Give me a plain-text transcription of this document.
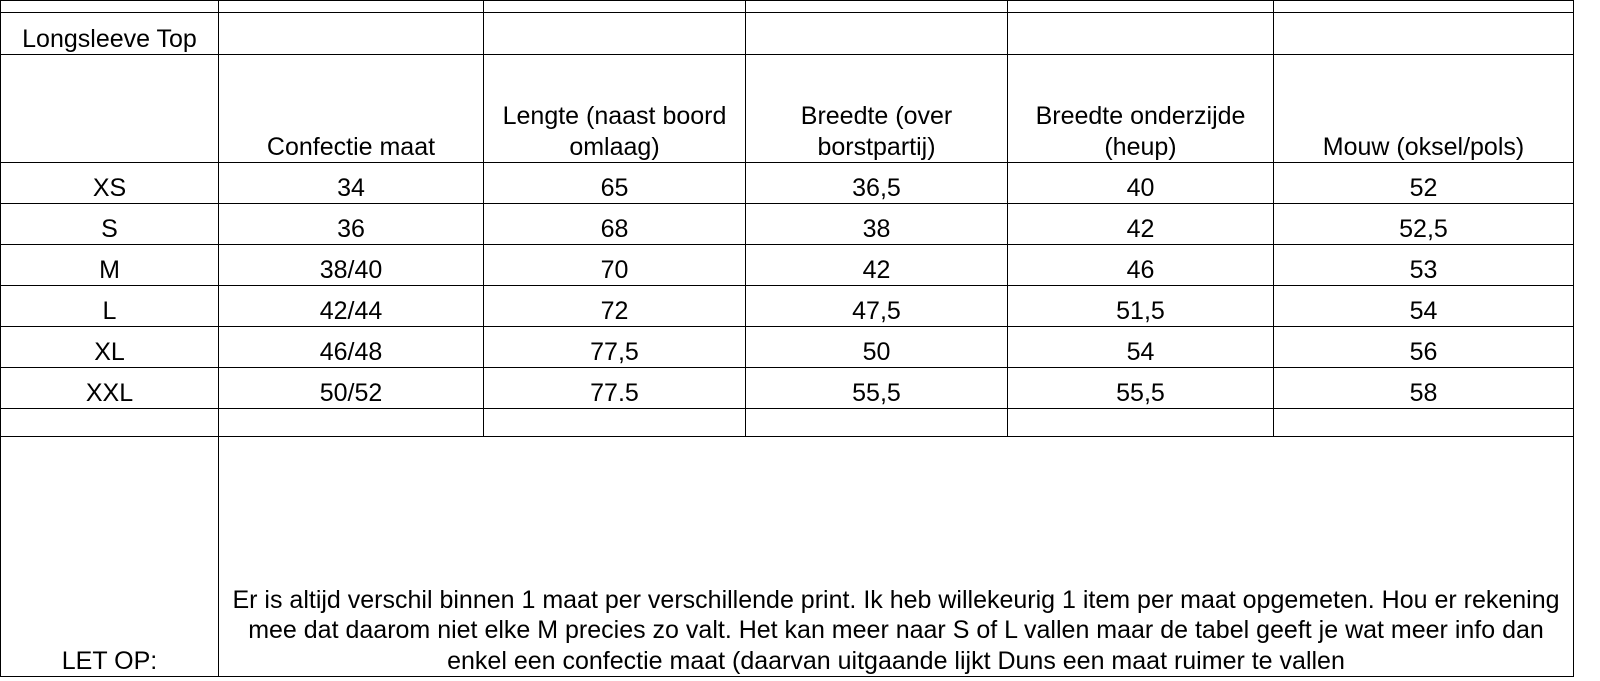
Longsleeve Top					
	Confectie maat	Lengte (naast boord omlaag)	Breedte (over borstpartij)	Breedte onderzijde (heup)	Mouw (oksel/pols)
XS	34	65	36,5	40	52
S	36	68	38	42	52,5
M	38/40	70	42	46	53
L	42/44	72	47,5	51,5	54
XL	46/48	77,5	50	54	56
XXL	50/52	77.5	55,5	55,5	58

LET OP:	Er is altijd verschil binnen 1 maat per verschillende print. Ik heb willekeurig 1 item per maat opgemeten. Hou er rekening mee dat daarom niet elke M precies zo valt. Het kan meer naar S of L vallen maar de tabel geeft je wat meer info dan enkel een confectie maat (daarvan uitgaande lijkt Duns een maat ruimer te vallen				
